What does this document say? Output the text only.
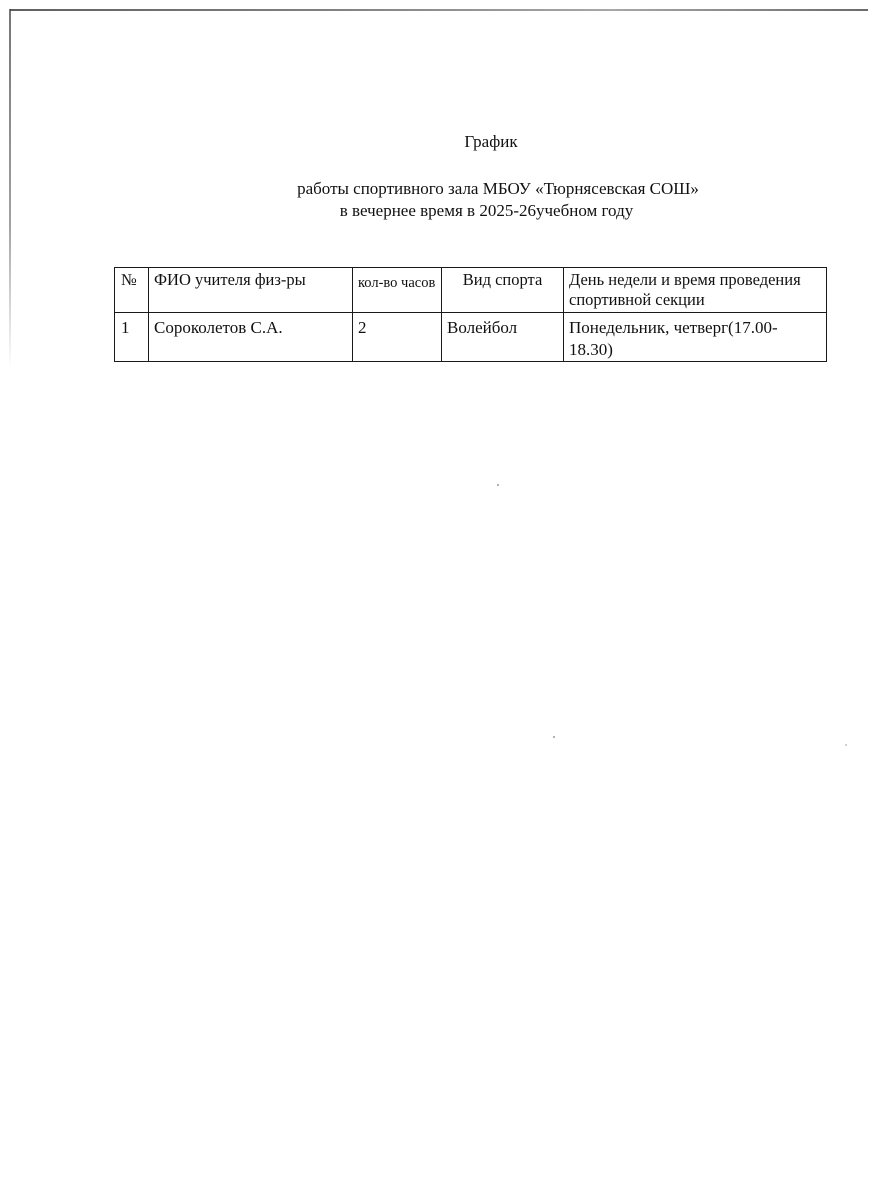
График
работы спортивного зала МБОУ «Тюрнясевская СОШ»
в вечернее время в 2025-26учебном году
№	ФИО учителя физ-ры	кол-во часов	Вид спорта	День недели и время проведения спортивной секции
1	Сороколетов С.А.	2	Волейбол	Понедельник, четверг(17.00-18.30)
